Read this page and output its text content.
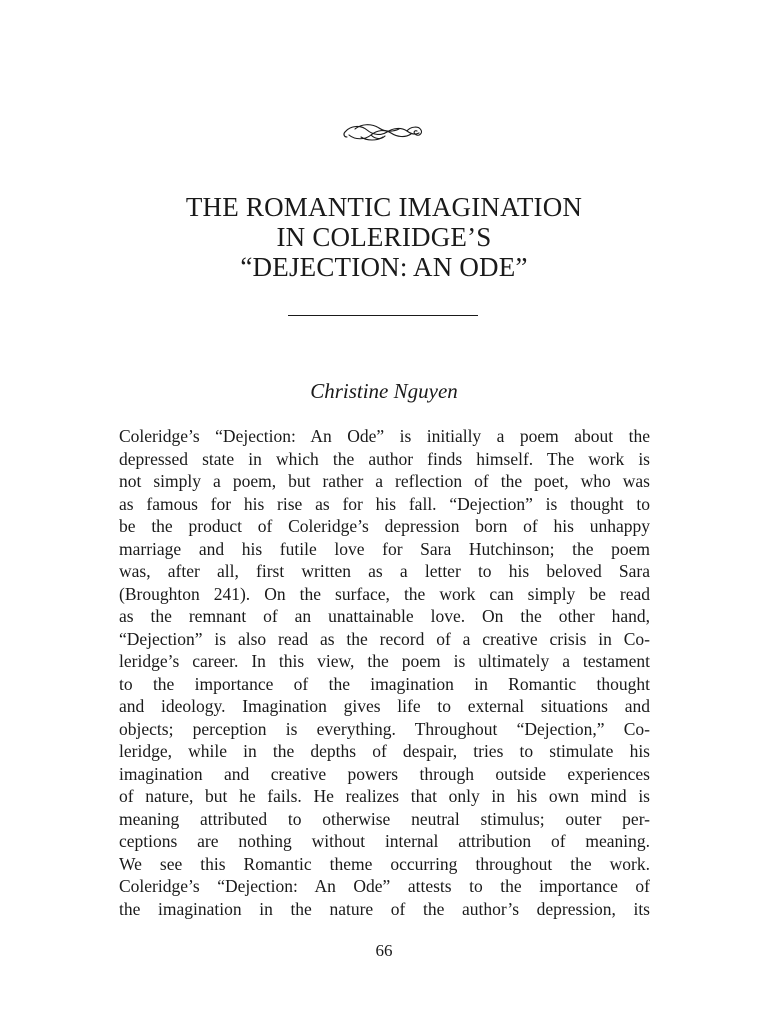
THE ROMANTIC IMAGINATION
IN COLERIDGE’S
“DEJECTION: AN ODE”
Christine Nguyen
Coleridge’s “Dejection: An Ode” is initially a poem about the
depressed state in which the author finds himself. The work is
not simply a poem, but rather a reflection of the poet, who was
as famous for his rise as for his fall. “Dejection” is thought to
be the product of Coleridge’s depression born of his unhappy
marriage and his futile love for Sara Hutchinson; the poem
was, after all, first written as a letter to his beloved Sara
(Broughton 241). On the surface, the work can simply be read
as the remnant of an unattainable love. On the other hand,
“Dejection” is also read as the record of a creative crisis in Co-
leridge’s career. In this view, the poem is ultimately a testament
to the importance of the imagination in Romantic thought
and ideology. Imagination gives life to external situations and
objects; perception is everything. Throughout “Dejection,” Co-
leridge, while in the depths of despair, tries to stimulate his
imagination and creative powers through outside experiences
of nature, but he fails. He realizes that only in his own mind is
meaning attributed to otherwise neutral stimulus; outer per-
ceptions are nothing without internal attribution of meaning.
We see this Romantic theme occurring throughout the work.
Coleridge’s “Dejection: An Ode” attests to the importance of
the imagination in the nature of the author’s depression, its
66
